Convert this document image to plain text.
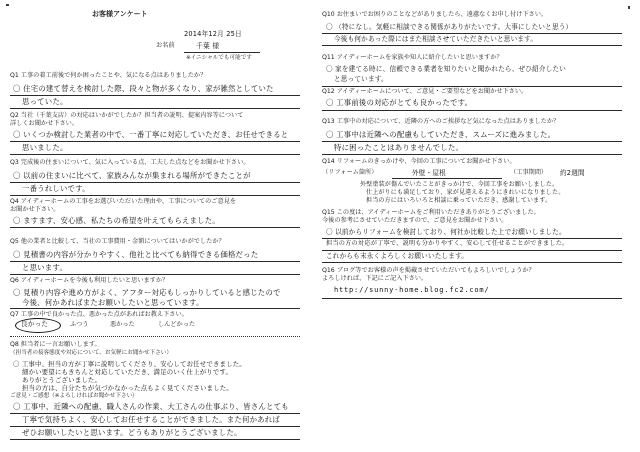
お客様アンケート
2014年12月 25日
お名前	千葉 様
※イニシャルでも可能です
Q1 工事の着工前後で何か困ったことや、気になる点はありましたか？
〇 住宅の建て替えを検討した際、段々と物が多くなり、家が雑然としていた
思っていた。
Q2 当社（千葉支店）の対応はいかがでしたか？担当者の説明、提案内容等について
詳しくお聞かせ下さい。
〇 いくつか検討した業者の中で、一番丁寧に対応していただき、お任せできると
思いました。
Q3 完成後の住まいについて、気に入っている点、工夫した点などをお聞かせ下さい。
〇 以前の住まいに比べて、家族みんなが集まれる場所ができたことが
一番うれしいです。
Q4 アイディーホームの工事をお選びいただいた理由や、工事についてのご意見を
お聞かせ下さい。
〇 ますます、安心感、私たちの希望を叶えてもらえました。
Q5 他の業者と比較して、当社の工事費用・金額についてはいかがでしたか？
〇 見積書の内容が分かりやすく、他社と比べても納得できる価格だった
と思います。
Q6 アイディーホームを今後も利用したいと思いますか？
〇 見積り内容や進め方がよく、アフター対応もしっかりしていると感じたので
今後、何かあればまたお願いしたいと思っています。
Q7 工事の中で良かった点、悪かった点があればお教え下さい。
良かった	ふつう	悪かった	しんどかった
Q8 担当者に一言お願いします。
（担当者の接客態度や対応について、お気軽にお聞かせ下さい）
〇 工事中、担当の方が丁寧に説明してくださり、安心してお任せできました。
細かい要望にもきちんと対応していただき、満足のいく仕上がりです。
ありがとうございました。
担当の方は、自分たちが気づかなかった点もよく見てくださいました。
ご意見・ご感想（※よろしければお聞かせ下さい）
〇 工事中、近隣への配慮、職人さんの作業、大工さんの仕事ぶり、皆さんとても
丁寧で気持ちよく、安心してお任せすることができました。また何かあれば
ぜひお願いしたいと思います。どうもありがとうございました。
Q10 お住まいでお困りのことなどがありましたら、遠慮なくお申し付け下さい。
〇 （特になし。気軽に相談できる関係がありがたいです。大事にしたいと思う）
今後も何かあった際にはまた相談させていただきたいと思います。
Q11 アイディーホームを家族や知人に紹介したいと思いますか？
〇 家を建てる時に、信頼できる業者を知りたいと聞かれたら、ぜひ紹介したい
と思っています。
Q12 アイディーホームについて、ご意見・ご要望などをお聞かせ下さい。
〇 工事前後の対応がとても良かったです。
Q13 工事中の対応について、近隣の方へのご挨拶など気になった点はありましたか？
〇 工事中は近隣への配慮もしていただき、スムーズに進みました。
特に困ったことはありませんでした。
Q14 リフォームのきっかけや、今回の工事についてお聞かせ下さい。
（リフォーム箇所）	外壁・屋根	（工事期間） 約2週間
外壁塗装が傷んでいたことがきっかけで、今回工事をお願いしました。
仕上がりにも満足しており、家が見違えるようにきれいになりました。
担当の方にはいろいろと相談に乗っていただき、感謝しています。
Q15 この度は、アイディーホームをご利用いただきありがとうございました。
今後の参考にさせていただきますので、ご意見をお聞かせ下さい。
〇 以前からリフォームを検討しており、何社か比較した上でお願いしました。
担当の方の対応が丁寧で、説明も分かりやすく、安心して任せることができました。
これからも末永くよろしくお願いいたします。
Q16 ブログ等でお客様の声を掲載させていただいてもよろしいでしょうか？
よろしければ、下記にご記入下さい。
http://sunny-home.blog.fc2.com/
